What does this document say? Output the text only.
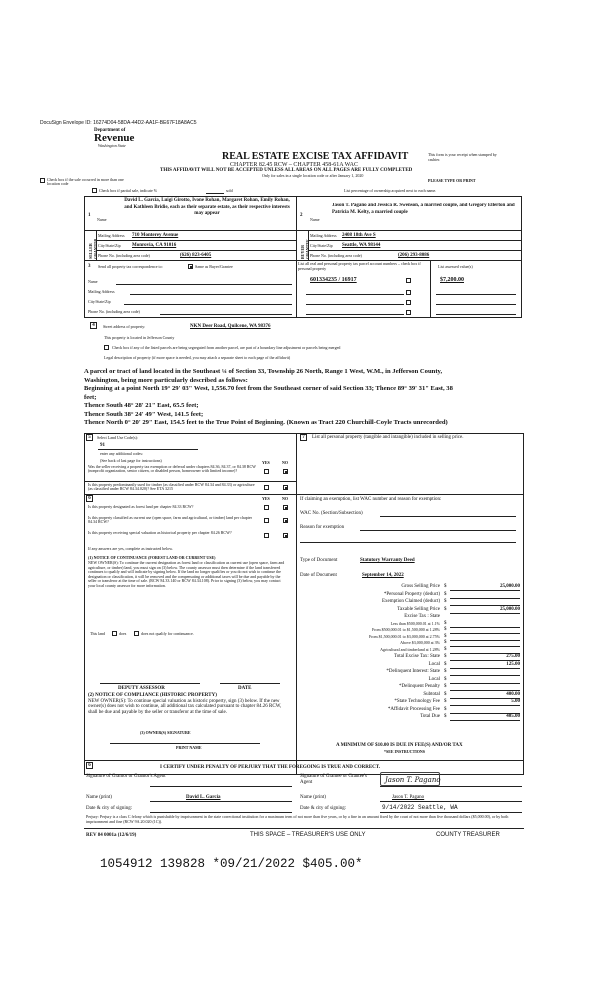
DocuSign Envelope ID: 16274D04-58DA-44D2-AA1F-BE67F18A8AC5
Department of
Revenue
Washington State
REAL ESTATE EXCISE TAX AFFIDAVIT
CHAPTER 82.45 RCW – CHAPTER 458-61A WAC
THIS AFFIDAVIT WILL NOT BE ACCEPTED UNLESS ALL AREAS ON ALL PAGES ARE FULLY COMPLETED
Only for sales in a single location code or after January 1, 2020
This form is your receipt when stamped by cashier.
PLEASE TYPE OR PRINT
Check box if the sale occurred in more than one location code
Check box if partial sale, indicate %	sold	List percentage of ownership acquired next to each name.
1
Name
David L. Garcia, Luigi Girotto, Ivone Rohan, Margaret Rohan, Emily Rohan, and Kathleen Bridie, each as their separate estate, as their respective interests may appear
SELLER GRANTOR
Mailing Address 710 Monterey Avenue
City/State/Zip Monrovia, CA 91016
Phone No. (including area code)	(626) 823-6405
2
Name
Jason T. Pagano and Jessica R. Swenson, a married couple, and Gregory Ellerton and Patricia M. Kelty, a married couple
BUYER GRANTEE
Mailing Address 2408 18th Ave S
City/State/Zip Seattle, WA 98144
Phone No. (including area code)	(206) 293-8086
3 Send all property tax correspondence to:	Same as Buyer/Grantee
Name
Mailing Address
City/State/Zip
Phone No. (including area code)
List all real and personal property tax parcel account numbers – check box if personal property	List assessed value(s)
601334235 / 16917	$7,200.00
4	Street address of property:	NKN Deer Road, Quilcene, WA 98376
This property is located in Jefferson County
Check box if any of the listed parcels are being segregated from another parcel, are part of a boundary line adjustment or parcels being merged
Legal description of property (if more space is needed, you may attach a separate sheet to each page of the affidavit)
A parcel or tract of land located in the Southeast ¼ of Section 33, Township 26 North, Range 1 West, W.M., in Jefferson County,
Washington, being more particularly described as follows:
Beginning at a point North 19° 29' 03" West, 1,556.70 feet from the Southeast corner of said Section 33; Thence 89° 39' 31" East, 38
feet;
Thence South 48° 28' 21" East, 65.5 feet;
Thence South 38° 24' 49" West, 141.5 feet;
Thence North 0° 20' 29" East, 154.5 feet to the True Point of Beginning. (Known as Tract 220 Churchill-Coyle Tracts unrecorded)
5	Select Land Use Code(s):
91
enter any additional codes:
(See back of last page for instructions)	YES	NO
Was the seller receiving a property tax exemption or deferral under chapters 84.36, 84.37, or 84.38 RCW (nonprofit organization, senior citizen, or disabled person, homeowner with limited income)?
Is this property predominantly used for timber (as classified under RCW 84.34 and 84.33) or agriculture (as classified under RCW 84.34.020)? See ETA 3215
6	YES	NO
Is this property designated as forest land per chapter 84.33 RCW?
Is this property classified as current use (open space, farm and agricultural, or timber) land per chapter 84.34 RCW?
Is this property receiving special valuation as historical property per chapter 84.26 RCW?
If any answers are yes, complete as instructed below.
(1) NOTICE OF CONTINUANCE (FOREST LAND OR CURRENT USE)
NEW OWNER(S): To continue the current designation as forest land or classification as current use (open space, farm and agriculture, or timber) land, you must sign on (3) below. The county assessor must then determine if the land transferred continues to qualify and will indicate by signing below. If the land no longer qualifies or you do not wish to continue the designation or classification, it will be removed and the compensating or additional taxes will be due and payable by the seller or transferor at the time of sale. (RCW 84.33.140 or RCW 84.34.108). Prior to signing (3) below, you may contact your local county assessor for more information.
This land	does	does not qualify for continuance.
DEPUTY ASSESSOR	DATE
(2) NOTICE OF COMPLIANCE (HISTORIC PROPERTY)
NEW OWNER(S): To continue special valuation as historic property, sign (3) below. If the new owner(s) does not wish to continue, all additional tax calculated pursuant to chapter 84.26 RCW, shall be due and payable by the seller or transferor at the time of sale.
(3) OWNER(S) SIGNATURE
PRINT NAME
7	List all personal property (tangible and intangible) included in selling price.
If claiming an exemption, list WAC number and reason for exemption:
WAC No. (Section/Subsection)
Reason for exemption
Type of Document	Statutory Warranty Deed
Date of Document	September 14, 2022
Gross Selling Price $	25,000.00
*Personal Property (deduct) $
Exemption Claimed (deduct) $
Taxable Selling Price $	25,000.00
Excise Tax : State
Less than $500,000.01 at 1.1% $
From $500,000.01 to $1,500,000 at 1.28% $
From $1,500,000.01 to $3,000,000 at 2.75% $
Above $3,000,000 at 3% $
Agricultural and timberland at 1.28% $
Total Excise Tax: State $	275.00
Local $	125.00
*Delinquent Interest: State $
Local $
*Delinquent Penalty $
Subtotal $	400.00
*State Technology Fee $	5.00
*Affidavit Processing Fee $
Total Due $	405.00
A MINIMUM OF $10.00 IS DUE IN FEE(S) AND/OR TAX
*SEE INSTRUCTIONS
6	I CERTIFY UNDER PENALTY OF PERJURY THAT THE FOREGOING IS TRUE AND CORRECT.
Signature of Grantor or Grantor's Agent	Signature of Grantee or Grantee's Agent	Jason T. Pagano
Name (print)	David L. Garcia	Name (print)	Jason T. Pagano
Date & city of signing:	Date & city of signing:	9/14/2022 Seattle, WA
Perjury: Perjury is a class C felony which is punishable by imprisonment in the state correctional institution for a maximum term of not more than five years, or by a fine in an amount fixed by the court of not more than five thousand dollars ($5,000.00), or by both imprisonment and fine (RCW 9A.20.020 (1C)).
REV 84 0001a (12/6/19)	THIS SPACE – TREASURER'S USE ONLY	COUNTY TREASURER
1054912 139828 *09/21/2022 $405.00*
